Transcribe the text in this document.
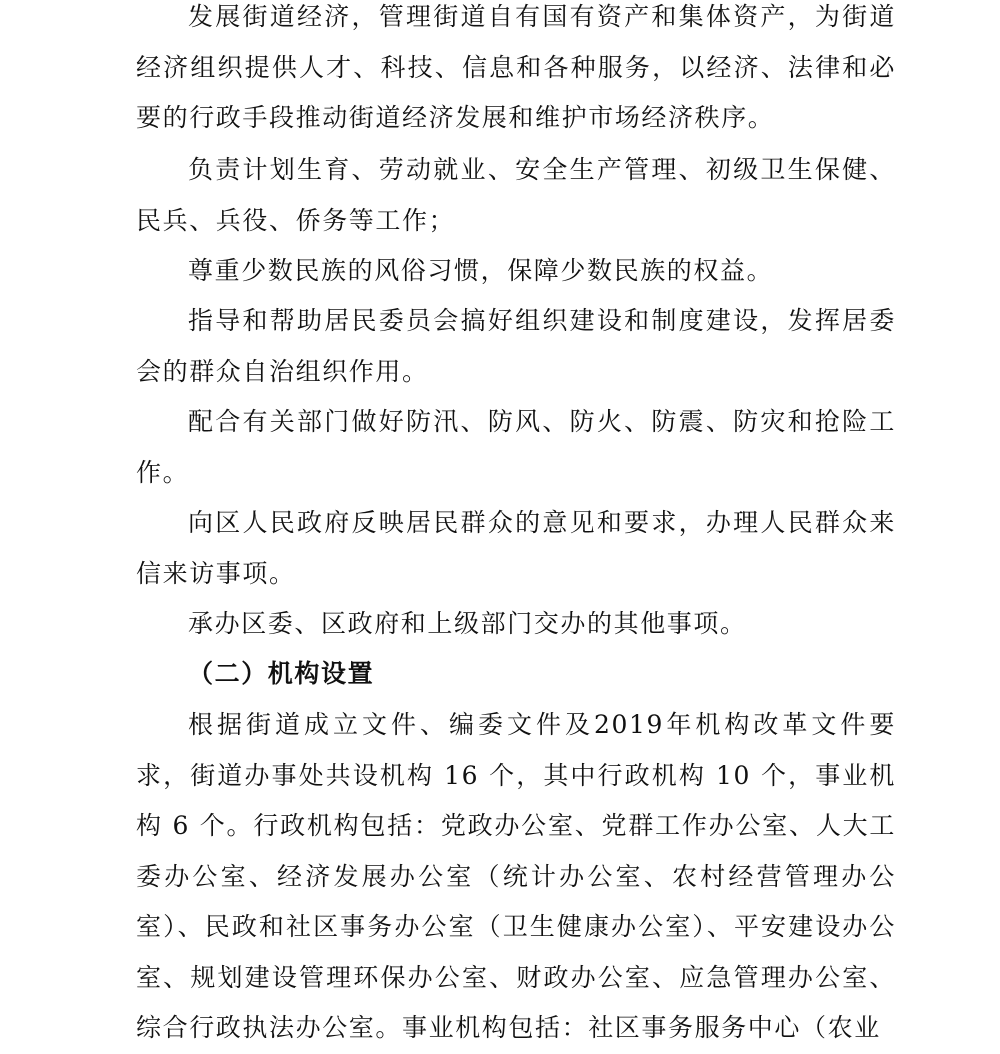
发展街道经济，管理街道自有国有资产和集体资产，为街道经济组织提供人才、科技、信息和各种服务，以经济、法律和必要的行政手段推动街道经济发展和维护市场经济秩序。

负责计划生育、劳动就业、安全生产管理、初级卫生保健、民兵、兵役、侨务等工作；

尊重少数民族的风俗习惯，保障少数民族的权益。

指导和帮助居民委员会搞好组织建设和制度建设，发挥居委会的群众自治组织作用。

配合有关部门做好防汛、防风、防火、防震、防灾和抢险工作。

向区人民政府反映居民群众的意见和要求，办理人民群众来信来访事项。

承办区委、区政府和上级部门交办的其他事项。

（二）机构设置

根据街道成立文件、编委文件及2019年机构改革文件要求，街道办事处共设机构 16 个，其中行政机构 10 个，事业机构 6 个。行政机构包括：党政办公室、党群工作办公室、人大工委办公室、经济发展办公室（统计办公室、农村经营管理办公室）、民政和社区事务办公室（卫生健康办公室）、平安建设办公室、规划建设管理环保办公室、财政办公室、应急管理办公室、综合行政执法办公室。事业机构包括：社区事务服务中心（农业
